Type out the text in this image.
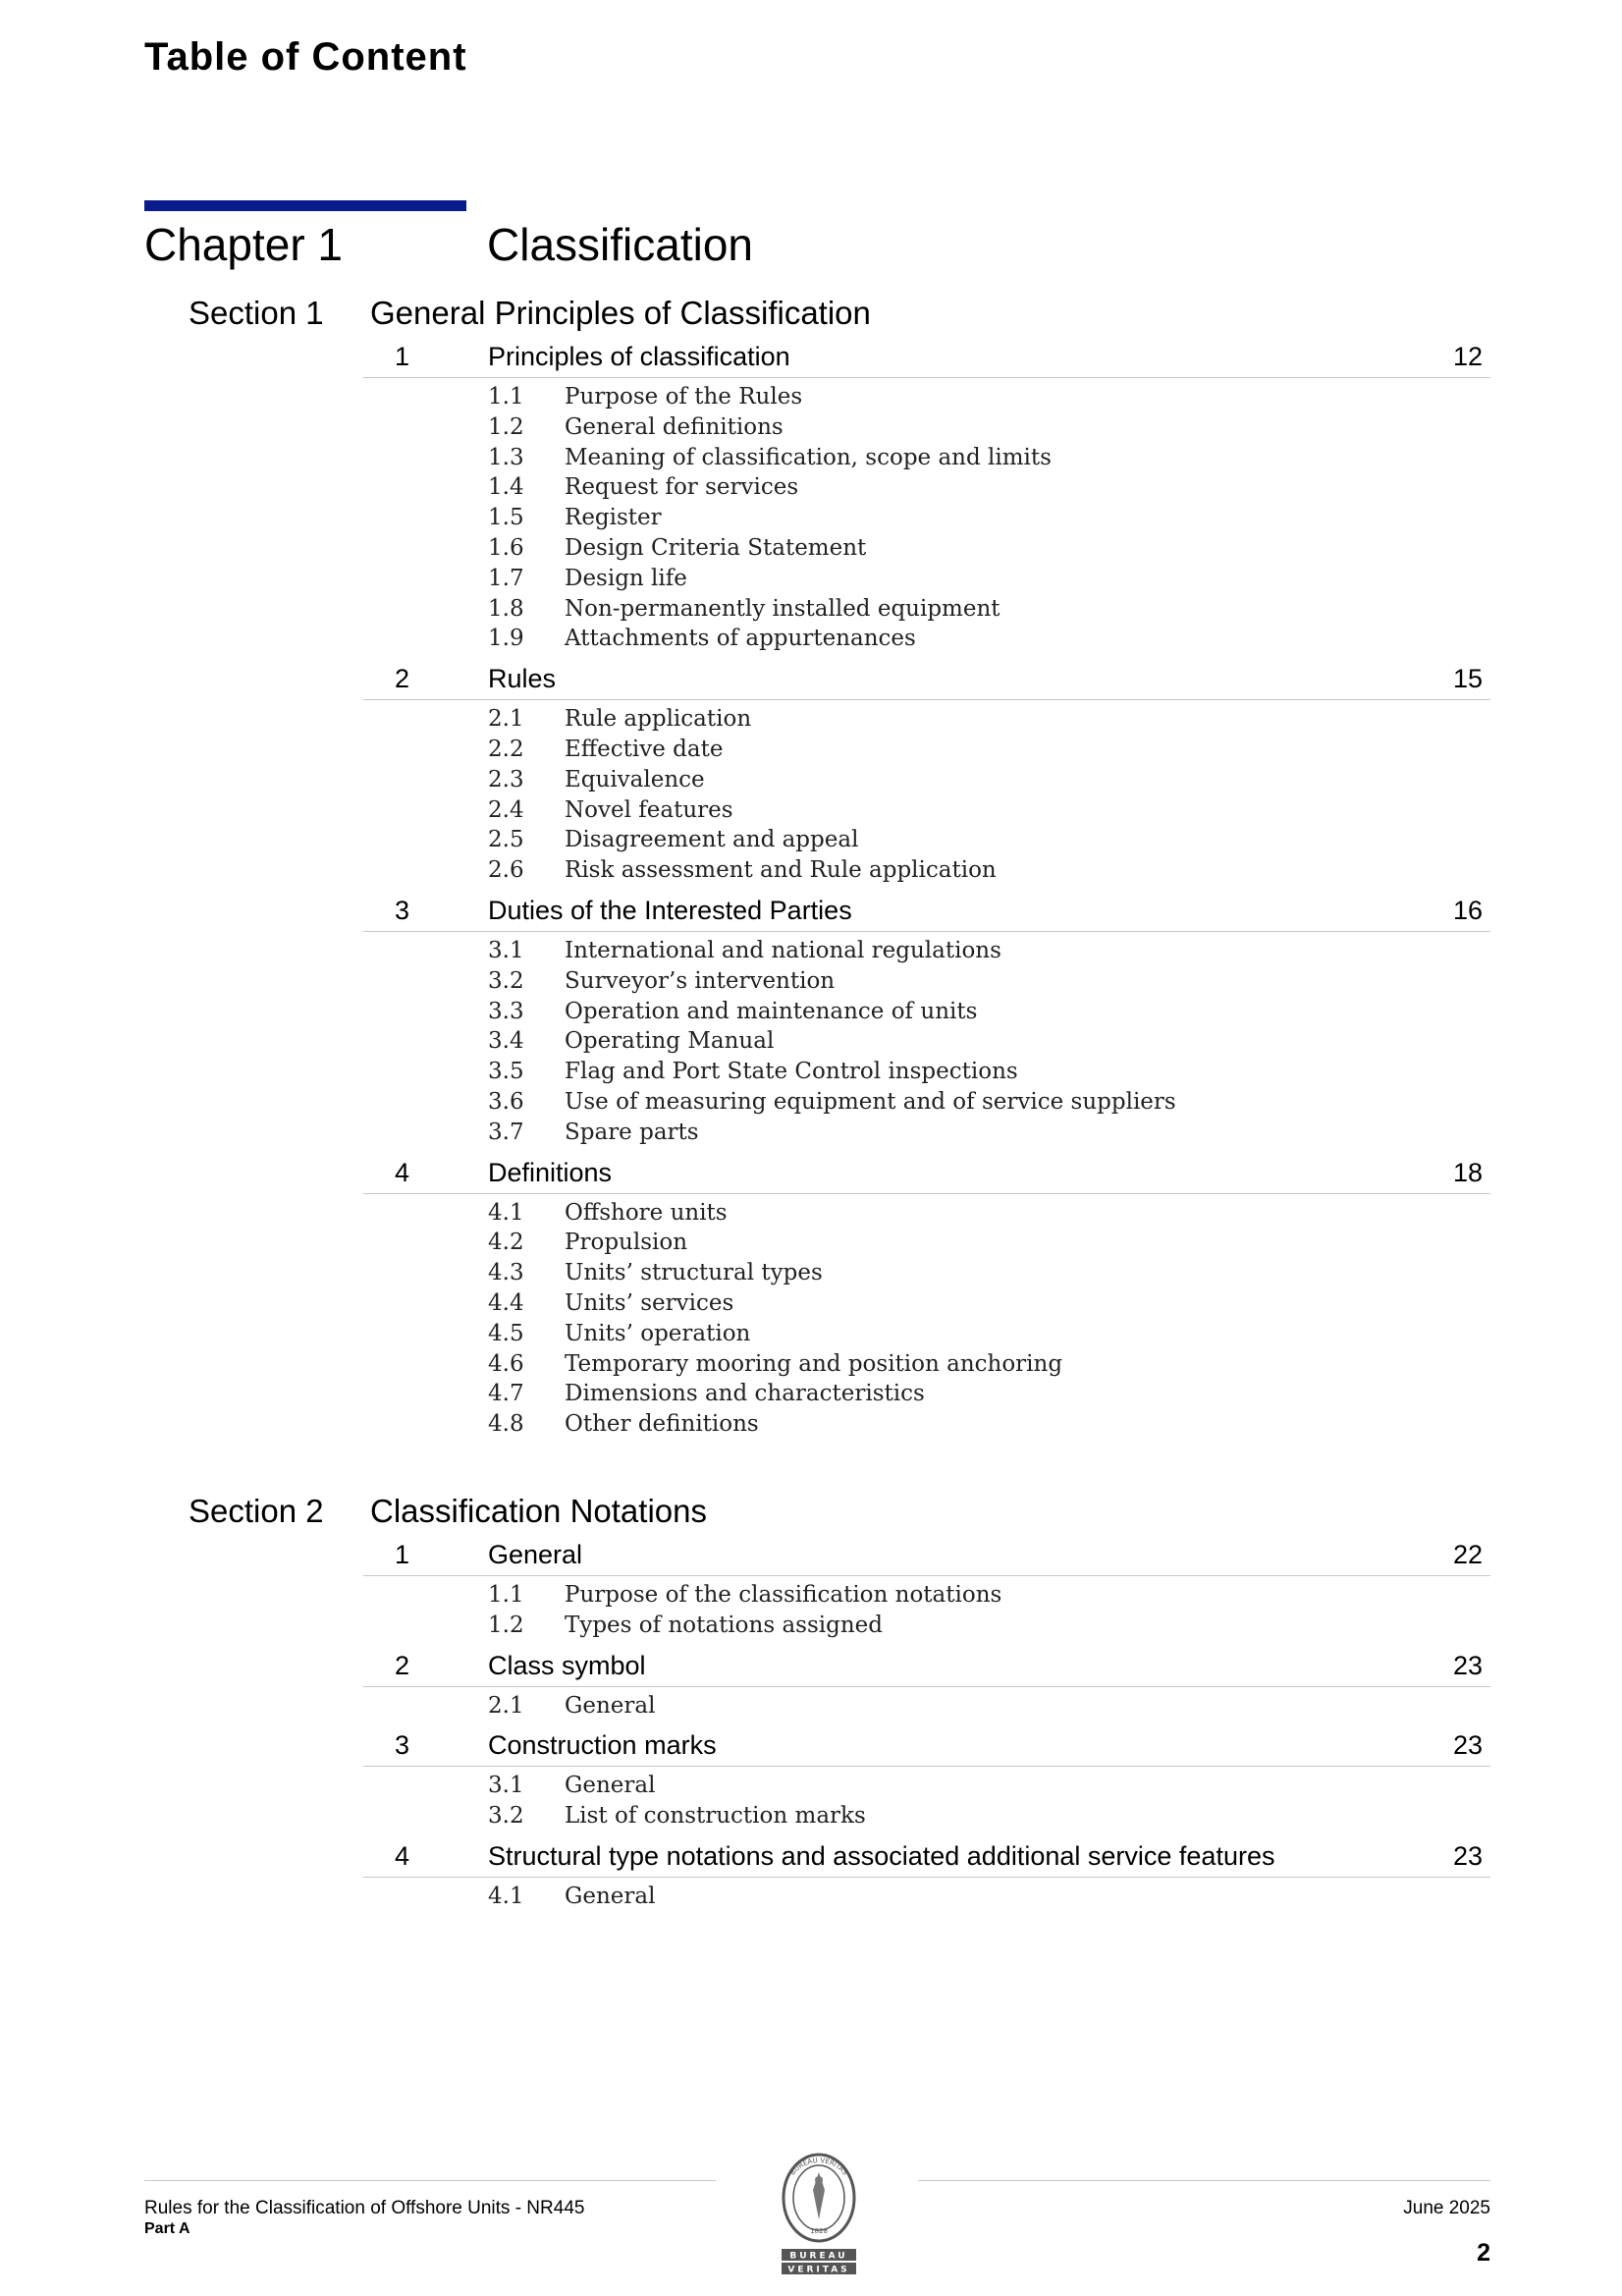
Table of Content
Chapter 1	Classification
Section 1 General Principles of Classification
1	Principles of classification	12
1.1 Purpose of the Rules
1.2 General definitions
1.3 Meaning of classification, scope and limits
1.4 Request for services
1.5 Register
1.6 Design Criteria Statement
1.7 Design life
1.8 Non-permanently installed equipment
1.9 Attachments of appurtenances
2	Rules	15
2.1 Rule application
2.2 Effective date
2.3 Equivalence
2.4 Novel features
2.5 Disagreement and appeal
2.6 Risk assessment and Rule application
3	Duties of the Interested Parties	16
3.1 International and national regulations
3.2 Surveyor’s intervention
3.3 Operation and maintenance of units
3.4 Operating Manual
3.5 Flag and Port State Control inspections
3.6 Use of measuring equipment and of service suppliers
3.7 Spare parts
4	Definitions	18
4.1 Offshore units
4.2 Propulsion
4.3 Units’ structural types
4.4 Units’ services
4.5 Units’ operation
4.6 Temporary mooring and position anchoring
4.7 Dimensions and characteristics
4.8 Other definitions
Section 2 Classification Notations
1	General	22
1.1 Purpose of the classification notations
1.2 Types of notations assigned
2	Class symbol	23
2.1 General
3	Construction marks	23
3.1 General
3.2 List of construction marks
4	Structural type notations and associated additional service features	23
4.1 General
Rules for the Classification of Offshore Units - NR445
Part A
June 2025
2
BUREAU VERITAS
1828
BUREAU
VERITAS
